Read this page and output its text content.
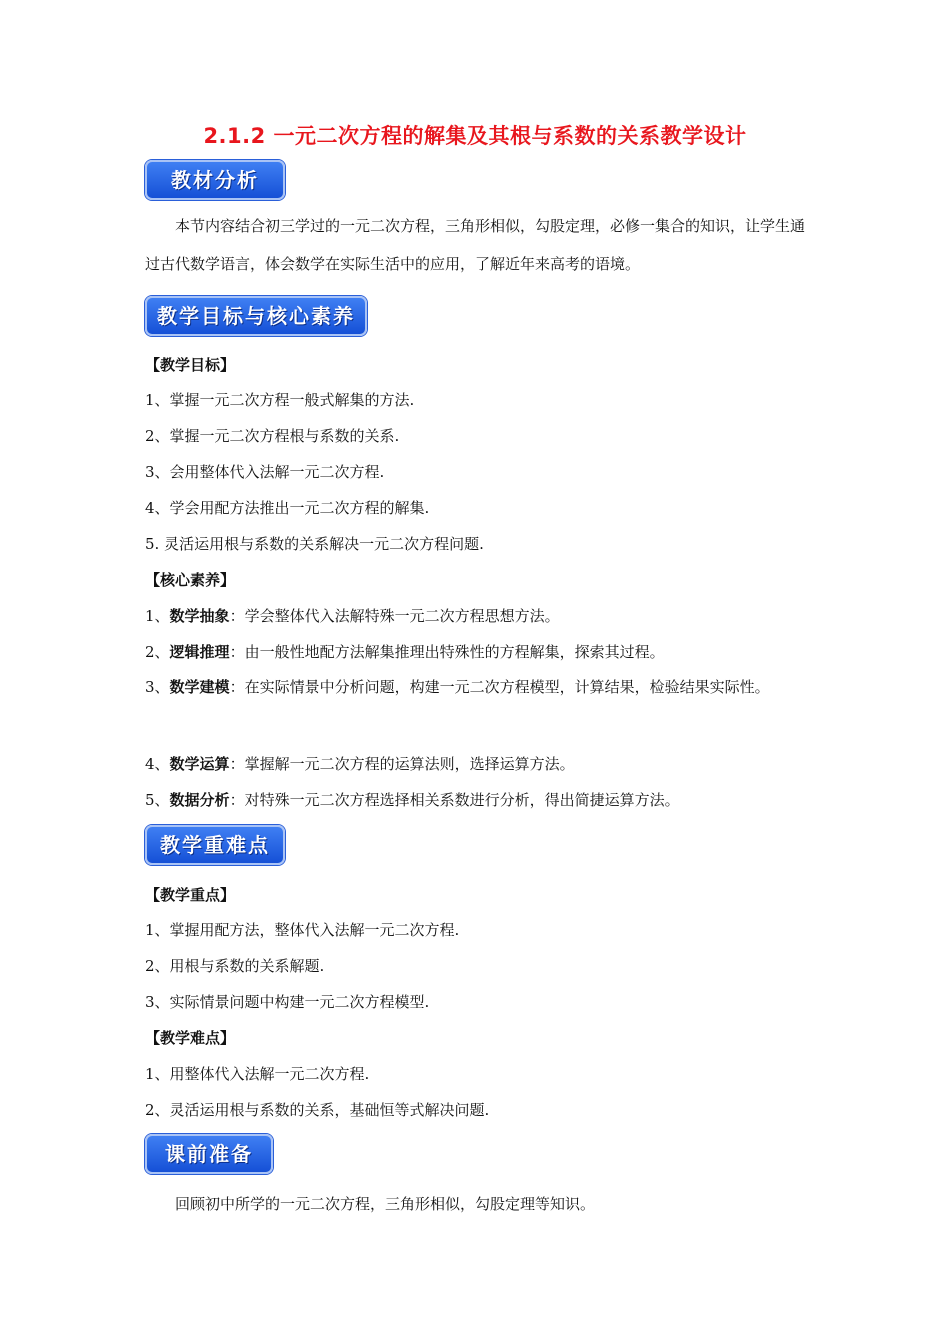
2.1.2 一元二次方程的解集及其根与系数的关系教学设计
教材分析

本节内容结合初三学过的一元二次方程，三角形相似，勾股定理，必修一集合的知识，让学生通过古代数学语言，体会数学在实际生活中的应用，了解近年来高考的语境。

教学目标与核心素养
【教学目标】
1、掌握一元二次方程一般式解集的方法.
2、掌握一元二次方程根与系数的关系.
3、会用整体代入法解一元二次方程.
4、学会用配方法推出一元二次方程的解集.
5. 灵活运用根与系数的关系解决一元二次方程问题.
【核心素养】
1、数学抽象：学会整体代入法解特殊一元二次方程思想方法。
2、逻辑推理：由一般性地配方法解集推理出特殊性的方程解集，探索其过程。
3、数学建模：在实际情景中分析问题，构建一元二次方程模型，计算结果，检验结果实际性。
4、数学运算：掌握解一元二次方程的运算法则，选择运算方法。
5、数据分析：对特殊一元二次方程选择相关系数进行分析，得出简捷运算方法。
教学重难点
【教学重点】
1、掌握用配方法，整体代入法解一元二次方程.
2、用根与系数的关系解题.
3、实际情景问题中构建一元二次方程模型.
【教学难点】
1、用整体代入法解一元二次方程.
2、灵活运用根与系数的关系，基础恒等式解决问题.
课前准备

回顾初中所学的一元二次方程，三角形相似，勾股定理等知识。
